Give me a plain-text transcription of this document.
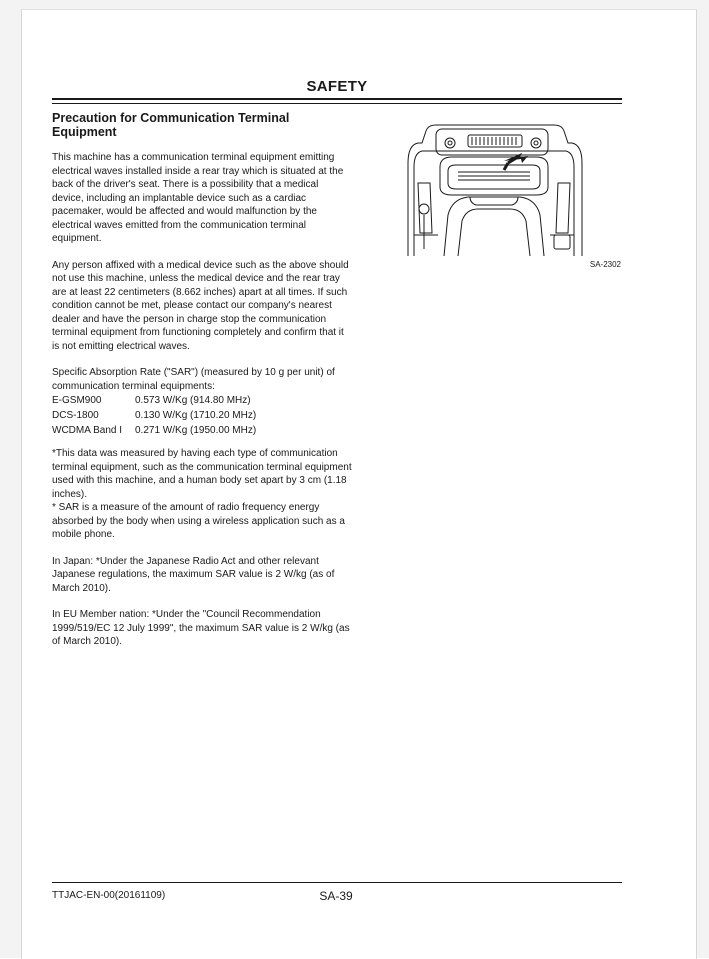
SAFETY
Precaution for Communication Terminal
Equipment

This machine has a communication terminal equipment emitting electrical waves installed inside a rear tray which is situated at the back of the driver's seat. There is a possibility that a medical device, including an implantable device such as a cardiac pacemaker, would be affected and would malfunction by the electrical waves emitted from the communication terminal equipment.

Any person affixed with a medical device such as the above should not use this machine, unless the medical device and the rear tray are at least 22 centimeters (8.662 inches) apart at all times. If such condition cannot be met, please contact our company's nearest dealer and have the person in charge stop the communication terminal equipment from functioning completely and confirm that it is not emitting electrical waves.

Specific Absorption Rate ("SAR") (measured by 10 g per unit) of communication terminal equipments:

E-GSM900	0.573 W/Kg (914.80 MHz)
DCS-1800	0.130 W/Kg (1710.20 MHz)
WCDMA Band I	0.271 W/Kg (1950.00 MHz)

*This data was measured by having each type of communication terminal equipment, such as the communication terminal equipment used with this machine, and a human body set apart by 3 cm (1.18 inches).

* SAR is a measure of the amount of radio frequency energy absorbed by the body when using a wireless application such as a mobile phone.

In Japan: *Under the Japanese Radio Act and other relevant Japanese regulations, the maximum SAR value is 2 W/kg (as of March 2010).

In EU Member nation: *Under the "Council Recommendation 1999/519/EC 12 July 1999", the maximum SAR value is 2 W/kg (as of March 2010).

SA-2302
TTJAC-EN-00(20161109)	SA-39
